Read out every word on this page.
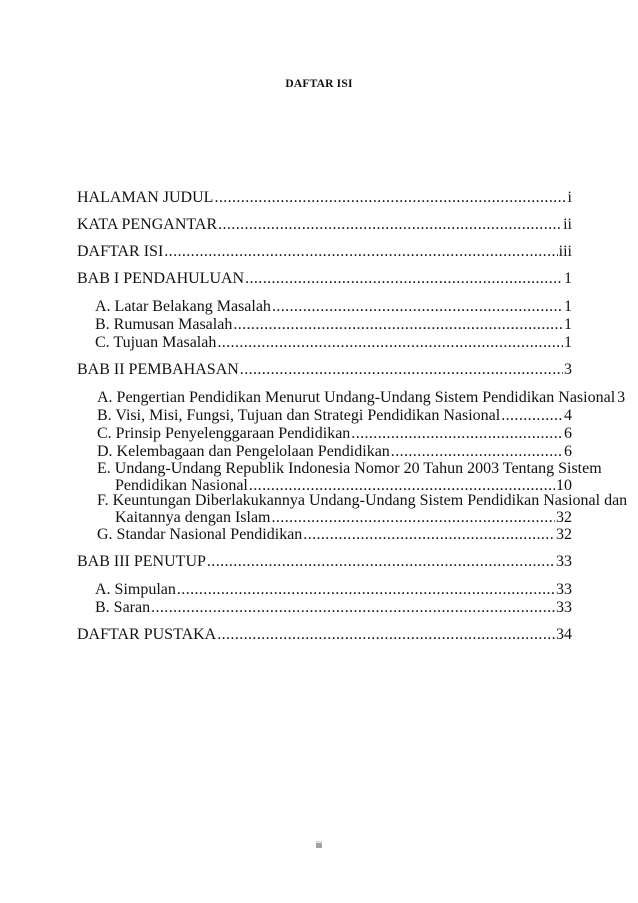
DAFTAR ISI
HALAMAN JUDUL .....	i
KATA PENGANTAR .....	ii
DAFTAR ISI .....	iii
BAB I PENDAHULUAN .....	1
A. Latar Belakang Masalah .....	1
B. Rumusan Masalah .....	1
C. Tujuan Masalah .....	1
BAB II PEMBAHASAN .....	3
A. Pengertian Pendidikan Menurut Undang-Undang Sistem Pendidikan Nasional 3
B. Visi, Misi, Fungsi, Tujuan dan Strategi Pendidikan Nasional .....	4
C. Prinsip Penyelenggaraan Pendidikan .....	6
D. Kelembagaan dan Pengelolaan Pendidikan .....	6
E. Undang-Undang Republik Indonesia Nomor 20 Tahun 2003 Tentang Sistem
Pendidikan Nasional .....	10
F. Keuntungan Diberlakukannya Undang-Undang Sistem Pendidikan Nasional dan
Kaitannya dengan Islam .....	32
G. Standar Nasional Pendidikan .....	32
BAB III PENUTUP .....	33
A. Simpulan .....	33
B. Saran .....	33
DAFTAR PUSTAKA .....	34
iii
